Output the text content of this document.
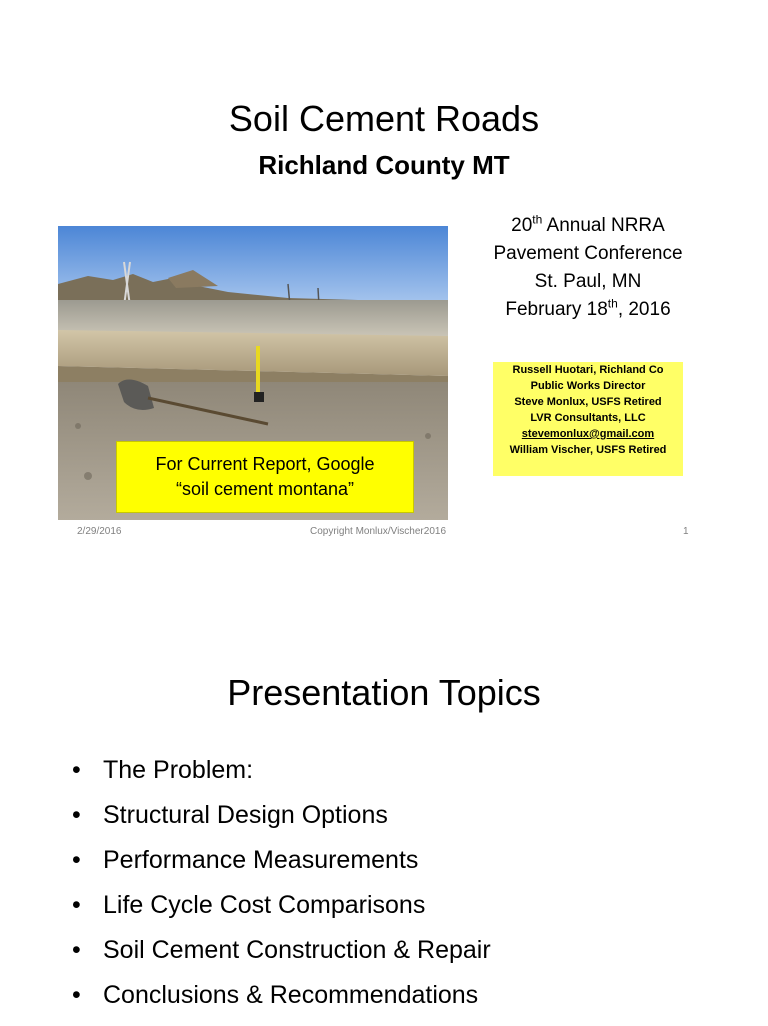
Soil Cement Roads
Richland County MT
For Current Report, Google
“soil cement montana”
20th Annual NRRA
Pavement Conference
St. Paul, MN
February 18th, 2016
Russell Huotari, Richland Co
Public Works Director
Steve Monlux, USFS Retired
LVR Consultants, LLC
stevemonlux@gmail.com
William Vischer, USFS Retired
2/29/2016	Copyright Monlux/Vischer2016	1
Presentation Topics
• The Problem:
• Structural Design Options
• Performance Measurements
• Life Cycle Cost Comparisons
• Soil Cement Construction & Repair
• Conclusions & Recommendations
